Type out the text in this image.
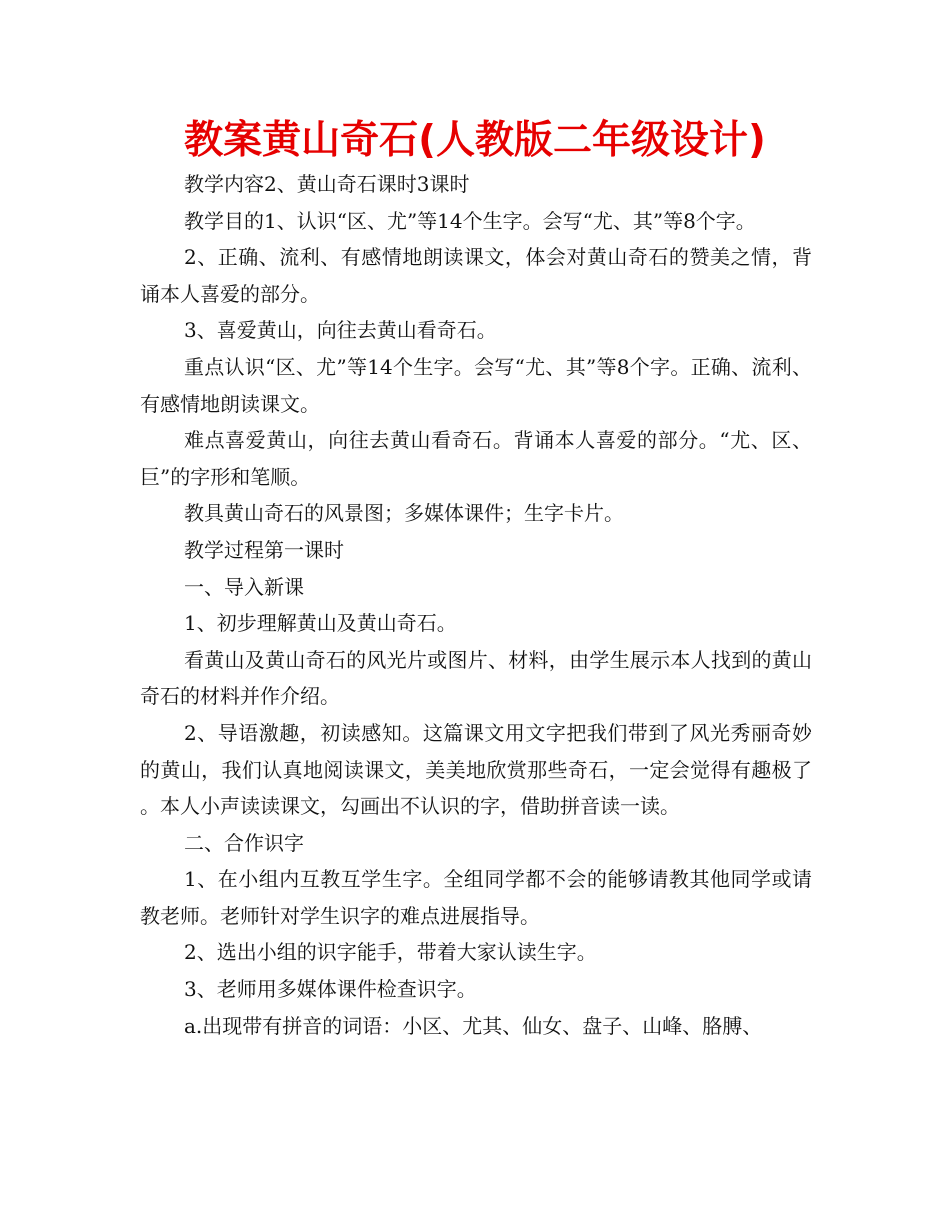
教案黄山奇石(人教版二年级设计)

教学内容2、黄山奇石课时3课时

教学目的1、认识“区、尤”等14个生字。会写“尤、其”等8个字。

2、正确、流利、有感情地朗读课文，体会对黄山奇石的赞美之情，背诵本人喜爱的部分。

3、喜爱黄山，向往去黄山看奇石。

重点认识“区、尤”等14个生字。会写“尤、其”等8个字。正确、流利、有感情地朗读课文。

难点喜爱黄山，向往去黄山看奇石。背诵本人喜爱的部分。“尤、区、巨”的字形和笔顺。

教具黄山奇石的风景图；多媒体课件；生字卡片。

教学过程第一课时

一、导入新课

1、初步理解黄山及黄山奇石。

看黄山及黄山奇石的风光片或图片、材料，由学生展示本人找到的黄山奇石的材料并作介绍。

2、导语激趣，初读感知。这篇课文用文字把我们带到了风光秀丽奇妙的黄山，我们认真地阅读课文，美美地欣赏那些奇石，一定会觉得有趣极了。本人小声读读课文，勾画出不认识的字，借助拼音读一读。

二、合作识字

1、在小组内互教互学生字。全组同学都不会的能够请教其他同学或请教老师。老师针对学生识字的难点进展指导。

2、选出小组的识字能手，带着大家认读生字。

3、老师用多媒体课件检查识字。

a.出现带有拼音的词语：小区、尤其、仙女、盘子、山峰、胳膊、
